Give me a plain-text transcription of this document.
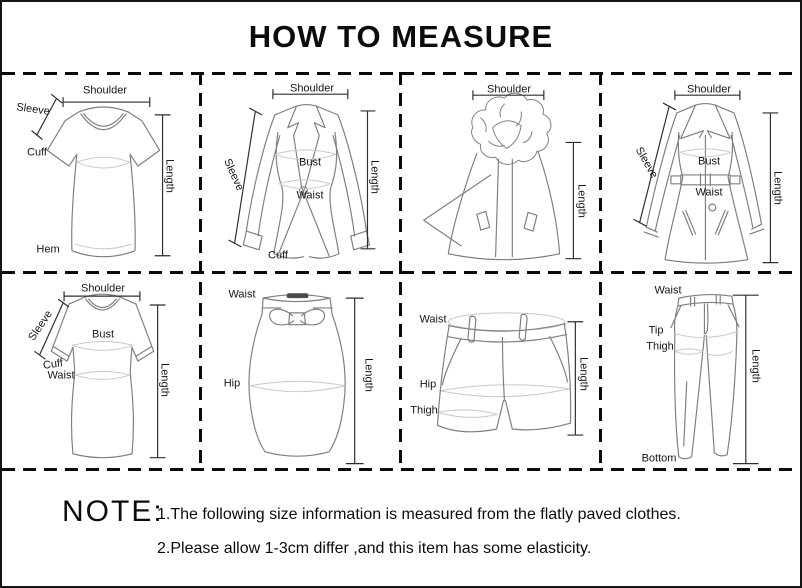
HOW TO MEASURE
Shoulder
Sleeve
Cuff
Hem
Length
Shoulder
Sleeve	Bust
Waist
Cuff
Length
Shoulder
Length
Shoulder
Sleeve	Bust
Waist	Length
Shoulder
Sleeve
Cuff
Waist
Bust
Length
Waist
Hip	Length
Waist
Hip
Thigh
Length
Waist
Tip
Thigh
Bottom
Length
NOTE:
1.The following size information is measured from the flatly paved clothes.
2.Please allow 1-3cm differ ,and this item has some elasticity.
